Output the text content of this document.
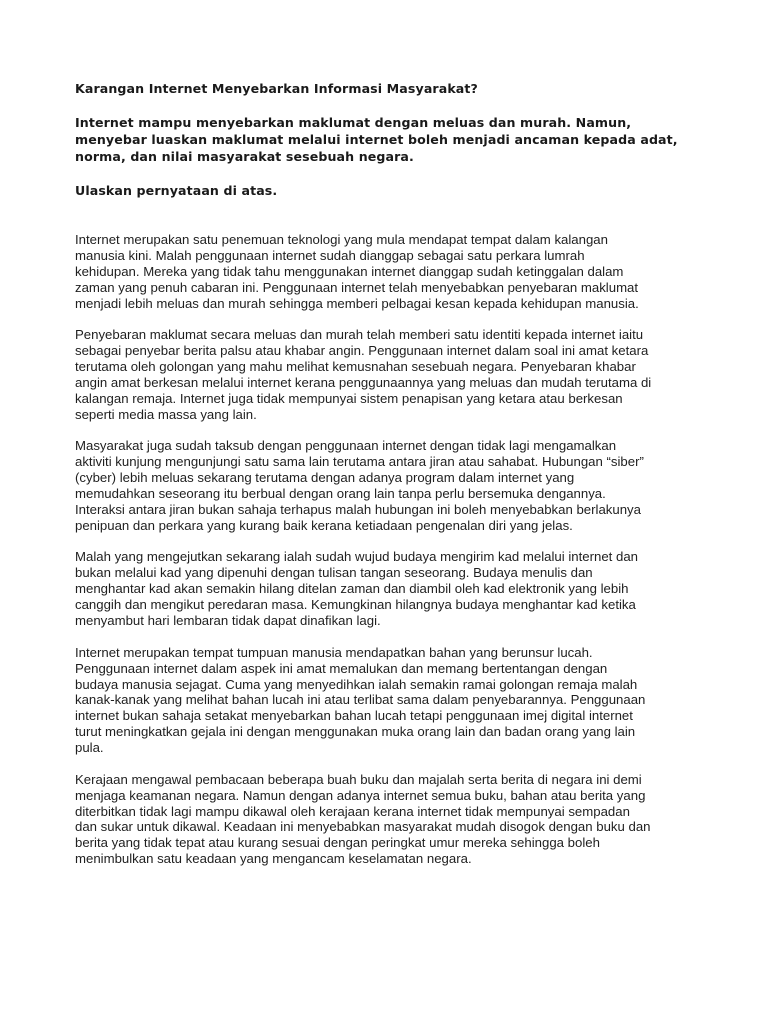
Karangan Internet Menyebarkan Informasi Masyarakat?

Internet mampu menyebarkan maklumat dengan meluas dan murah. Namun,
menyebar luaskan maklumat melalui internet boleh menjadi ancaman kepada adat,
norma, dan nilai masyarakat sesebuah negara.

Ulaskan pernyataan di atas.

Internet merupakan satu penemuan teknologi yang mula mendapat tempat dalam kalangan
manusia kini. Malah penggunaan internet sudah dianggap sebagai satu perkara lumrah
kehidupan. Mereka yang tidak tahu menggunakan internet dianggap sudah ketinggalan dalam
zaman yang penuh cabaran ini. Penggunaan internet telah menyebabkan penyebaran maklumat
menjadi lebih meluas dan murah sehingga memberi pelbagai kesan kepada kehidupan manusia.

Penyebaran maklumat secara meluas dan murah telah memberi satu identiti kepada internet iaitu
sebagai penyebar berita palsu atau khabar angin. Penggunaan internet dalam soal ini amat ketara
terutama oleh golongan yang mahu melihat kemusnahan sesebuah negara. Penyebaran khabar
angin amat berkesan melalui internet kerana penggunaannya yang meluas dan mudah terutama di
kalangan remaja. Internet juga tidak mempunyai sistem penapisan yang ketara atau berkesan
seperti media massa yang lain.

Masyarakat juga sudah taksub dengan penggunaan internet dengan tidak lagi mengamalkan
aktiviti kunjung mengunjungi satu sama lain terutama antara jiran atau sahabat. Hubungan “siber”
(cyber) lebih meluas sekarang terutama dengan adanya program dalam internet yang
memudahkan seseorang itu berbual dengan orang lain tanpa perlu bersemuka dengannya.
Interaksi antara jiran bukan sahaja terhapus malah hubungan ini boleh menyebabkan berlakunya
penipuan dan perkara yang kurang baik kerana ketiadaan pengenalan diri yang jelas.

Malah yang mengejutkan sekarang ialah sudah wujud budaya mengirim kad melalui internet dan
bukan melalui kad yang dipenuhi dengan tulisan tangan seseorang. Budaya menulis dan
menghantar kad akan semakin hilang ditelan zaman dan diambil oleh kad elektronik yang lebih
canggih dan mengikut peredaran masa. Kemungkinan hilangnya budaya menghantar kad ketika
menyambut hari lembaran tidak dapat dinafikan lagi.

Internet merupakan tempat tumpuan manusia mendapatkan bahan yang berunsur lucah.
Penggunaan internet dalam aspek ini amat memalukan dan memang bertentangan dengan
budaya manusia sejagat. Cuma yang menyedihkan ialah semakin ramai golongan remaja malah
kanak-kanak yang melihat bahan lucah ini atau terlibat sama dalam penyebarannya. Penggunaan
internet bukan sahaja setakat menyebarkan bahan lucah tetapi penggunaan imej digital internet
turut meningkatkan gejala ini dengan menggunakan muka orang lain dan badan orang yang lain
pula.

Kerajaan mengawal pembacaan beberapa buah buku dan majalah serta berita di negara ini demi
menjaga keamanan negara. Namun dengan adanya internet semua buku, bahan atau berita yang
diterbitkan tidak lagi mampu dikawal oleh kerajaan kerana internet tidak mempunyai sempadan
dan sukar untuk dikawal. Keadaan ini menyebabkan masyarakat mudah disogok dengan buku dan
berita yang tidak tepat atau kurang sesuai dengan peringkat umur mereka sehingga boleh
menimbulkan satu keadaan yang mengancam keselamatan negara.
